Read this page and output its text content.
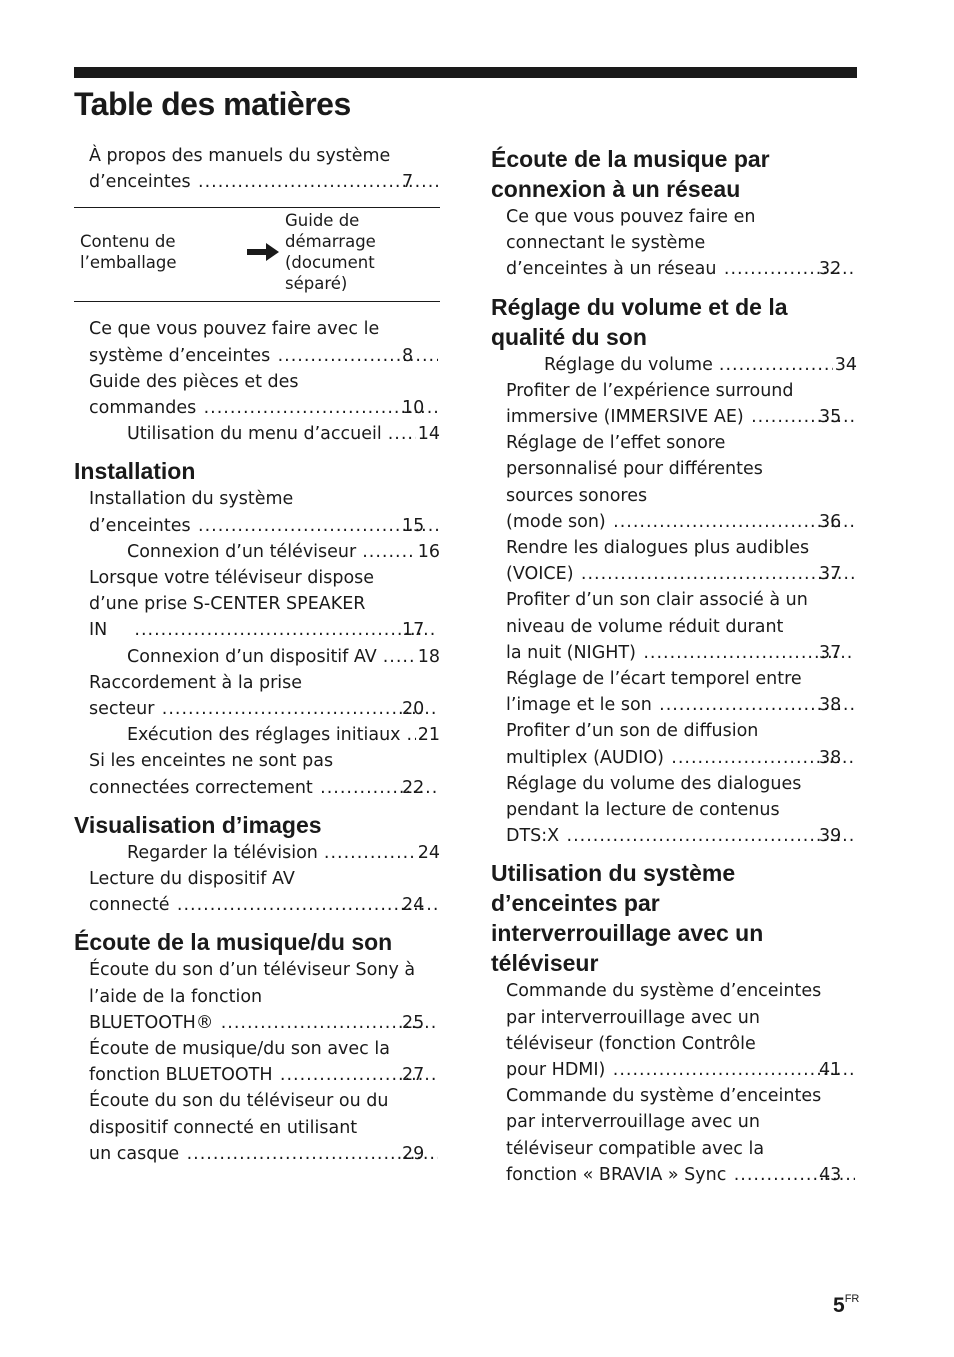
Table des matières

À propos des manuels du système
d’enceintes .....	7

Contenu de
l’emballage
Guide de
démarrage
(document
séparé)

Ce que vous pouvez faire avec le
système d’enceintes .....	8

Guide des pièces et des
commandes .....	10

Utilisation du menu d’accueil ..... 14

Installation

Installation du système
d’enceintes .....	15

Connexion d’un téléviseur .....	16

Lorsque votre téléviseur dispose
d’une prise S-CENTER SPEAKER
IN .....	17

Connexion d’un dispositif AV ..... 18

Raccordement à la prise
secteur .....	20

Exécution des réglages initiaux ..... 21

Si les enceintes ne sont pas
connectées correctement .....	22

Visualisation d’images

Regarder la télévision .....	24

Lecture du dispositif AV
connecté .....	24

Écoute de la musique/du son

Écoute du son d’un téléviseur Sony à
l’aide de la fonction
BLUETOOTH® .....	25

Écoute de musique/du son avec la
fonction BLUETOOTH .....	27

Écoute du son du téléviseur ou du
dispositif connecté en utilisant
un casque .....	29

Écoute de la musique par
connexion à un réseau

Ce que vous pouvez faire en
connectant le système
d’enceintes à un réseau .....	32

Réglage du volume et de la
qualité du son

Réglage du volume .....	34

Profiter de l’expérience surround
immersive (IMMERSIVE AE) .....	35

Réglage de l’effet sonore
personnalisé pour différentes
sources sonores
(mode son) .....	36

Rendre les dialogues plus audibles
(VOICE) .....	37

Profiter d’un son clair associé à un
niveau de volume réduit durant
la nuit (NIGHT) .....	37

Réglage de l’écart temporel entre
l’image et le son .....	38

Profiter d’un son de diffusion
multiplex (AUDIO) .....	38

Réglage du volume des dialogues
pendant la lecture de contenus
DTS:X .....	39

Utilisation du système
d’enceintes par
interverrouillage avec un
téléviseur

Commande du système d’enceintes
par interverrouillage avec un
téléviseur (fonction Contrôle
pour HDMI) .....	41

Commande du système d’enceintes
par interverrouillage avec un
téléviseur compatible avec la
fonction « BRAVIA » Sync .....	43

$5^{FR}$
